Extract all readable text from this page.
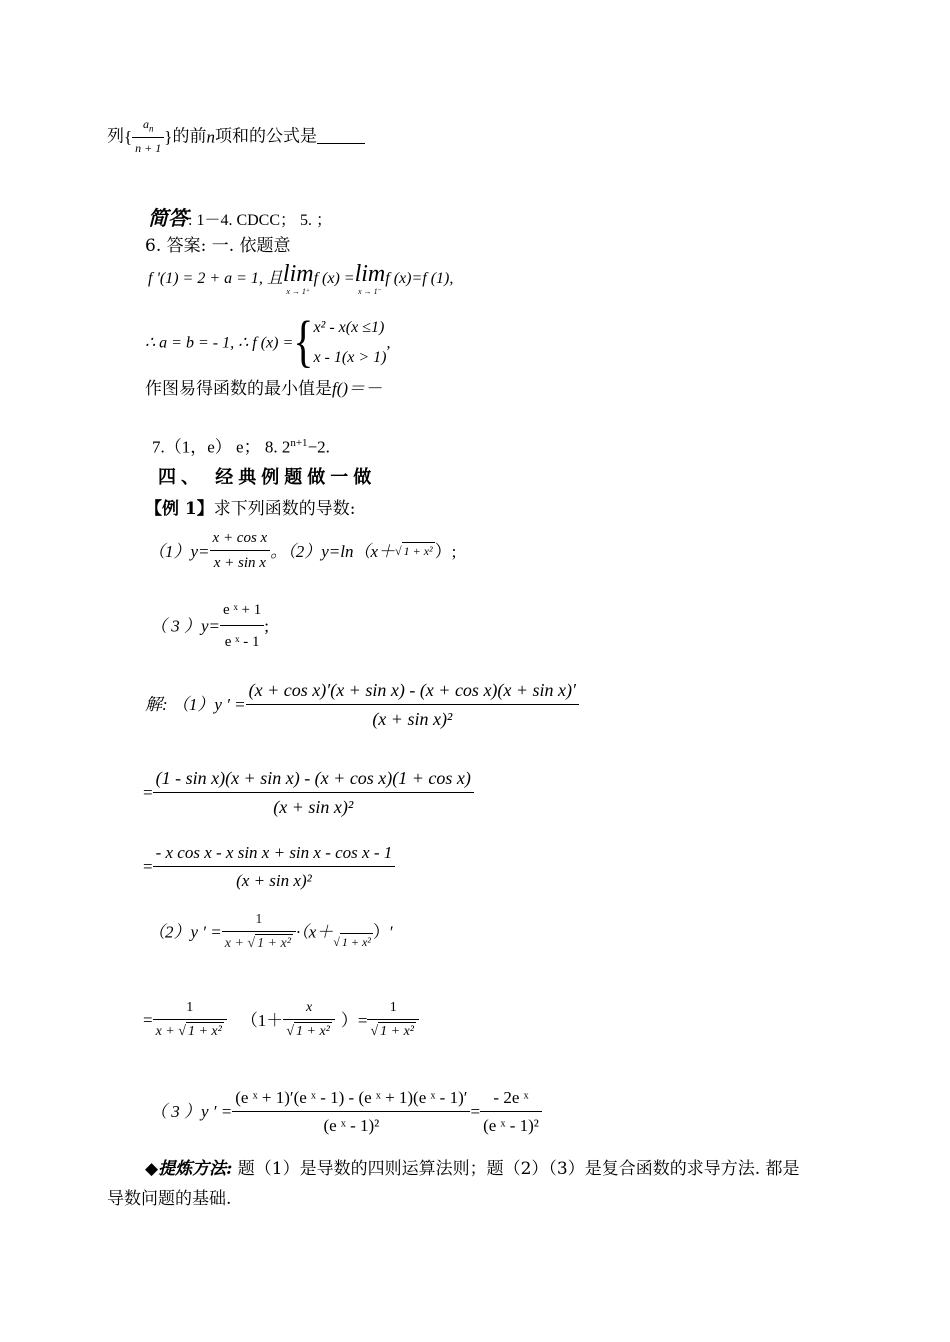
列{ $\frac{a_n}{n + 1}$ }的前n项和的公式是
简答: 1－4. CDCC； 5. ；
6. 答案: 一. 依题意
f '(1) = 2 + a = 1, 且 lim
x → 1⁺
f (x) = lim
x → 1⁻
f (x)=f (1),
∴ a = b = - 1, ∴ f (x) ={ x² - x(x ≤1)
x - 1(x > 1)
,
作图易得函数的最小值是f()＝－
7.（1，e） e； 8. $2^{n+1}-2$.
四、 经典例题做一做
【例 1】求下列函数的导数:
$(1)y= \frac{\text{x + cos x}}{\text{x + sin x}}$ 。（2）y=ln（x＋√ 1 + x² ）;
（ 3 ）$y= \frac{\text{e ˣ + 1}}{\text{e ˣ - 1}}$ ;
解: （1）y ′ = $\frac{\text{(x + cos x)′(x + sin x) - (x + cos x)(x + sin x)′}}{\text{(x + sin x)²}}$
= $\frac{\text{(1 - sin x)(x + sin x) - (x + cos x)(1 + cos x)}}{\text{(x + sin x)²}}$
= $\frac{\text{- x cos x - x sin x + sin x - cos x - 1}}{\text{(x + sin x)²}}$
（2）y ′ = $\frac{1}{\text{x + √ 1 + x²}} \cdot(x+√$ 1 + x²）′
= $\frac{1}{\text{x + √ 1 + x²}} (1+ \frac{x}{\text{√ 1 + x²}}$ ）= $\frac{1}{\text{√ 1 + x²}}$
（ 3 ）y ′ = $\frac{\text{(e ˣ + 1)′(e ˣ - 1) - (e ˣ + 1)(e ˣ - 1)′}}{\text{(e ˣ - 1)²}} = \frac{\text{- 2e ˣ}}{\text{(e ˣ - 1)²}}$
◆提炼方法: 题（1）是导数的四则运算法则；题（2）（3）是复合函数的求导方法. 都是
导数问题的基础.
